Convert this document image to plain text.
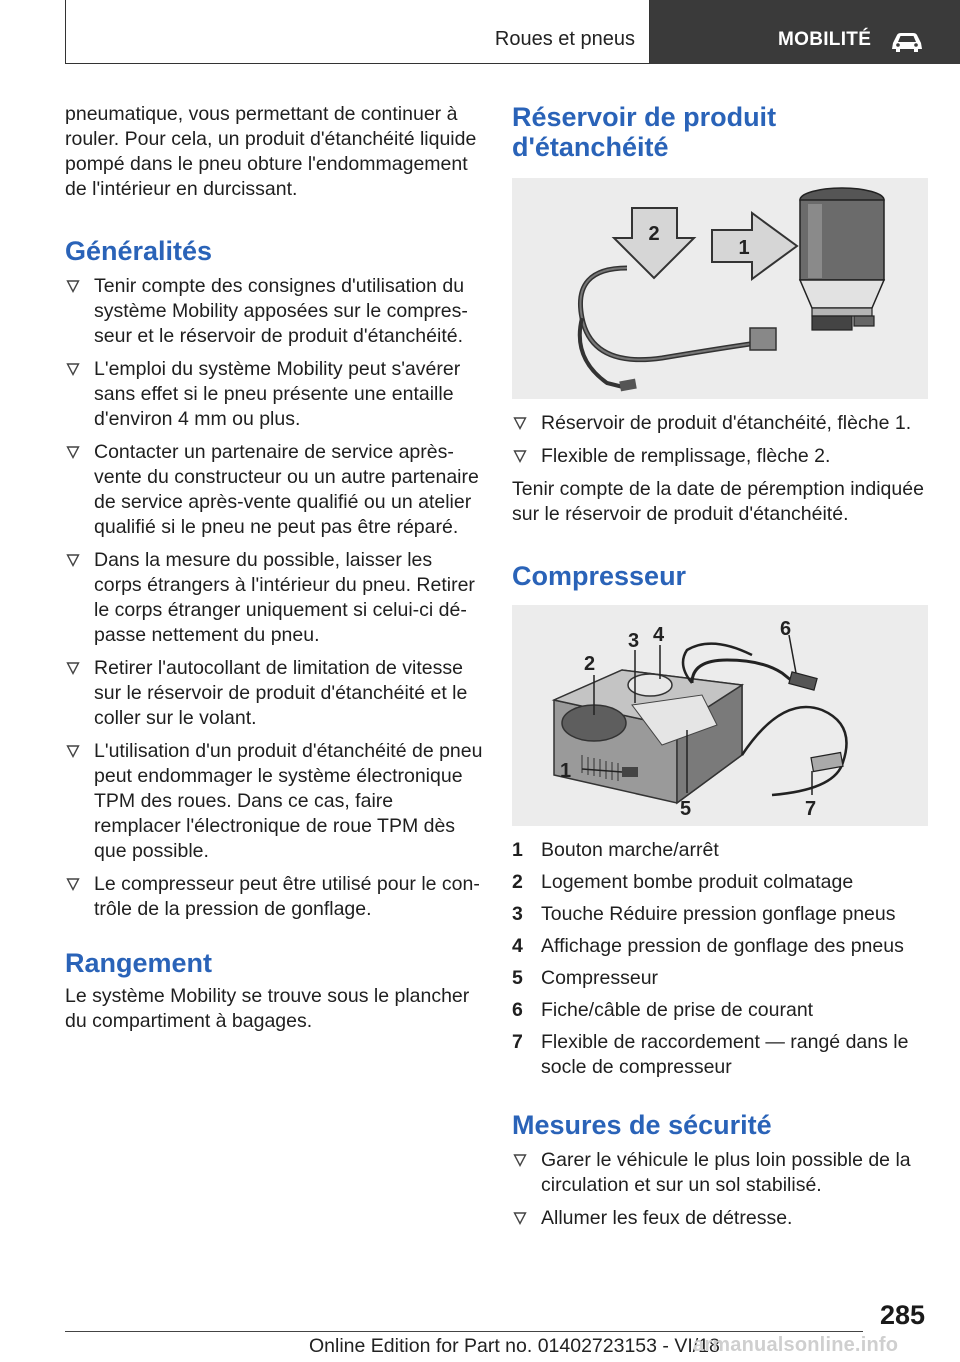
Roues et pneus	MOBILITÉ

pneumatique, vous permettant de continuer à rouler. Pour cela, un produit d'étanchéité liquide pompé dans le pneu obture l'endommagement de l'intérieur en durcissant.

Généralités
Tenir compte des consignes d'utilisation du système Mobility apposées sur le compres‐seur et le réservoir de produit d'étanchéité.
L'emploi du système Mobility peut s'avérer sans effet si le pneu présente une entaille d'environ 4 mm ou plus.
Contacter un partenaire de service après-vente du constructeur ou un autre partenaire de service après-vente qualifié ou un atelier qualifié si le pneu ne peut pas être réparé.
Dans la mesure du possible, laisser les corps étrangers à l'intérieur du pneu. Retirer le corps étranger uniquement si celui-ci dé‐passe nettement du pneu.
Retirer l'autocollant de limitation de vitesse sur le réservoir de produit d'étanchéité et le coller sur le volant.
L'utilisation d'un produit d'étanchéité de pneu peut endommager le système électronique TPM des roues. Dans ce cas, faire remplacer l'électronique de roue TPM dès que possible.
Le compresseur peut être utilisé pour le con‐trôle de la pression de gonflage.
Rangement

Le système Mobility se trouve sous le plancher du compartiment à bagages.

Réservoir de produit
d'étanchéité
2
1
Réservoir de produit d'étanchéité, flèche 1.
Flexible de remplissage, flèche 2.

Tenir compte de la date de péremption indiquée sur le réservoir de produit d'étanchéité.

Compresseur
1
2
3 4
5
6
7
1 Bouton marche/arrêt
2 Logement bombe produit colmatage
3 Touche Réduire pression gonflage pneus
4 Affichage pression de gonflage des pneus
5 Compresseur
6 Fiche/câble de prise de courant
7 Flexible de raccordement — rangé dans le socle de compresseur
Mesures de sécurité
Garer le véhicule le plus loin possible de la circulation et sur un sol stabilisé.
Allumer les feux de détresse.
285
Online Edition for Part no. 01402723153 - VI/18
armanualsonline.info
